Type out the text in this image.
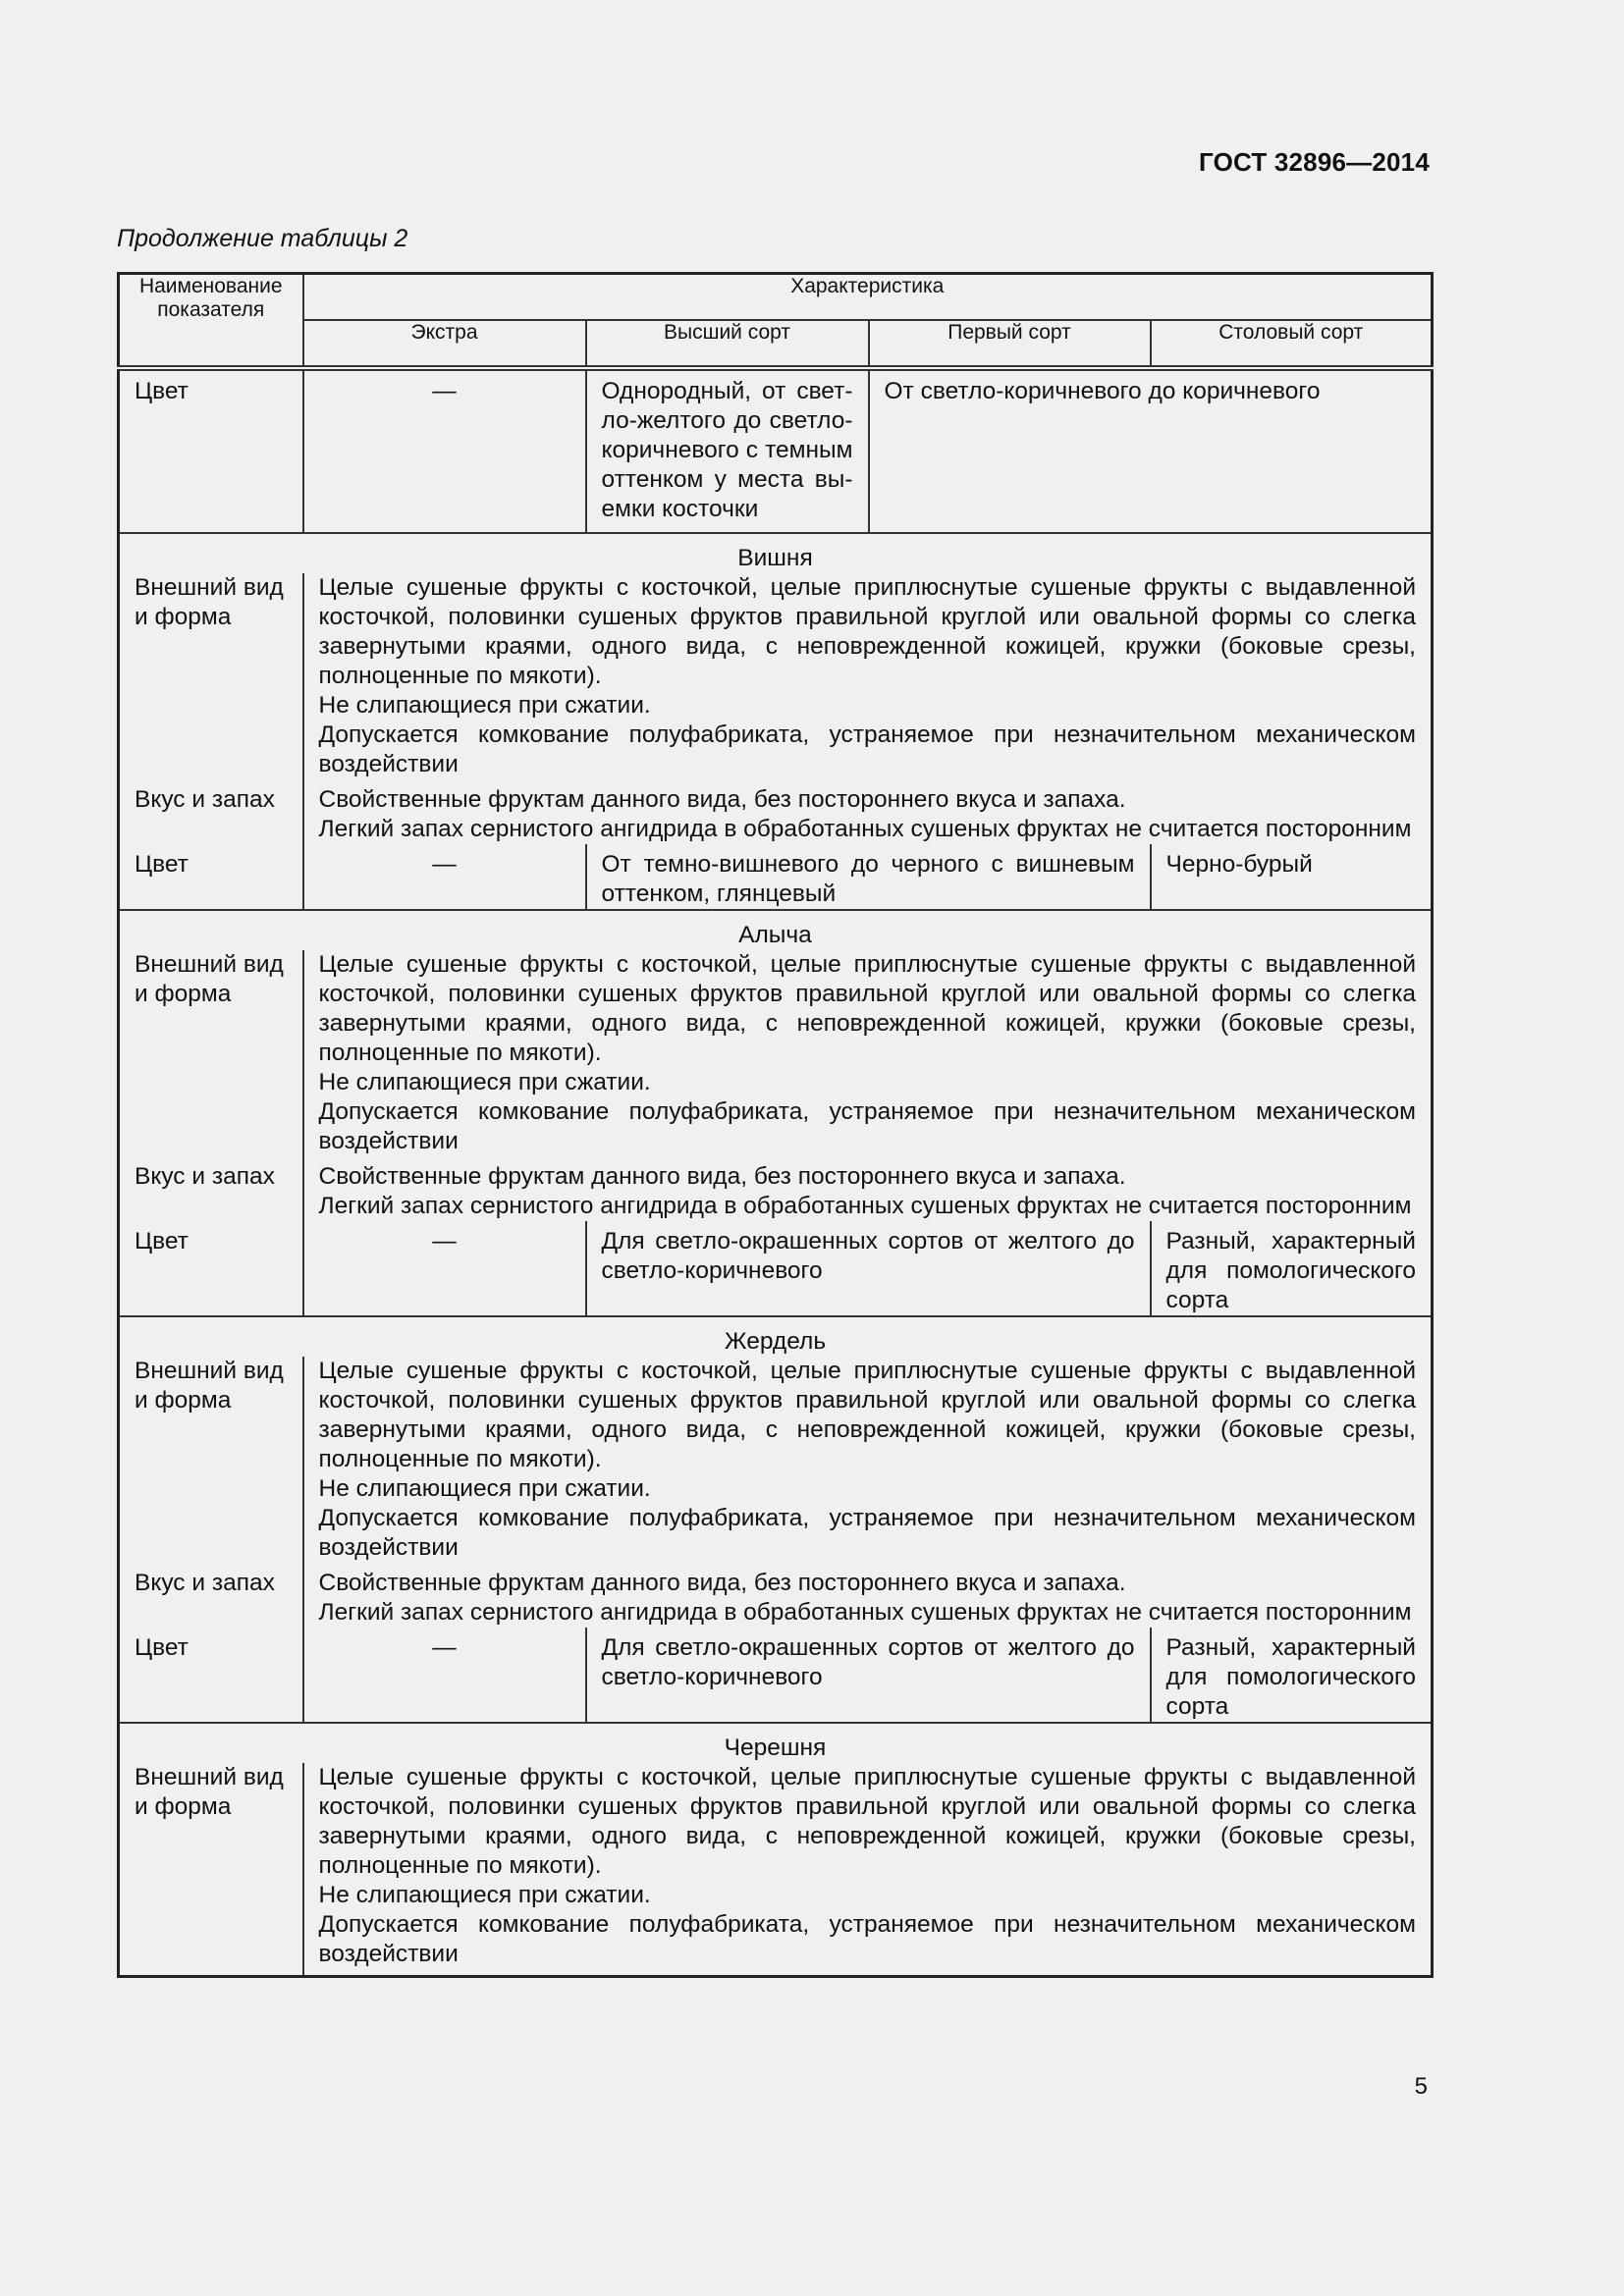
ГОСТ 32896—2014
Продолжение таблицы 2
Наименование показателя	Характеристика			
	Экстра	Высший сорт	Первый сорт	Столовый сорт
Цвет	—	Однородный, от свет-ло-желтого до светло-коричневого с темным оттенком у места вы-емки косточки	От светло-коричневого до коричневого	
Вишня				
Внешний вид и форма	Целые сушеные фрукты с косточкой, целые приплюснутые сушеные фрукты с выдавленной косточкой, половинки сушеных фруктов правильной круглой или овальной формы со слегка завернутыми краями, одного вида, с неповрежденной кожицей, кружки (боковые срезы, полноценные по мякоти).
Не слипающиеся при сжатии.
Допускается комкование полуфабриката, устраняемое при незначительном механическом воздействии			

Вкус и запах	Свойственные фруктам данного вида, без постороннего вкуса и запаха.
Легкий запах сернистого ангидрида в обработанных сушеных фруктах не считается посторонним			

Цвет	—	От темно-вишневого до черного с вишневым оттенком, глянцевый		Черно-бурый
Алыча				
Внешний вид и форма	Целые сушеные фрукты с косточкой, целые приплюснутые сушеные фрукты с выдавленной косточкой, половинки сушеных фруктов правильной круглой или овальной формы со слегка завернутыми краями, одного вида, с неповрежденной кожицей, кружки (боковые срезы, полноценные по мякоти).
Не слипающиеся при сжатии.
Допускается комкование полуфабриката, устраняемое при незначительном механическом воздействии			

Вкус и запах	Свойственные фруктам данного вида, без постороннего вкуса и запаха.
Легкий запах сернистого ангидрида в обработанных сушеных фруктах не считается посторонним			

Цвет	—	Для светло-окрашенных сортов от желтого до светло-коричневого		Разный, характерный для помологического сорта
Жердель				
Внешний вид и форма	Целые сушеные фрукты с косточкой, целые приплюснутые сушеные фрукты с выдавленной косточкой, половинки сушеных фруктов правильной круглой или овальной формы со слегка завернутыми краями, одного вида, с неповрежденной кожицей, кружки (боковые срезы, полноценные по мякоти).
Не слипающиеся при сжатии.
Допускается комкование полуфабриката, устраняемое при незначительном механическом воздействии			

Вкус и запах	Свойственные фруктам данного вида, без постороннего вкуса и запаха.
Легкий запах сернистого ангидрида в обработанных сушеных фруктах не считается посторонним			

Цвет	—	Для светло-окрашенных сортов от желтого до светло-коричневого		Разный, характерный для помологического сорта
Черешня				
Внешний вид и форма	Целые сушеные фрукты с косточкой, целые приплюснутые сушеные фрукты с выдавленной косточкой, половинки сушеных фруктов правильной круглой или овальной формы со слегка завернутыми краями, одного вида, с неповрежденной кожицей, кружки (боковые срезы, полноценные по мякоти).
Не слипающиеся при сжатии.
Допускается комкование полуфабриката, устраняемое при незначительном механическом воздействии			
5
